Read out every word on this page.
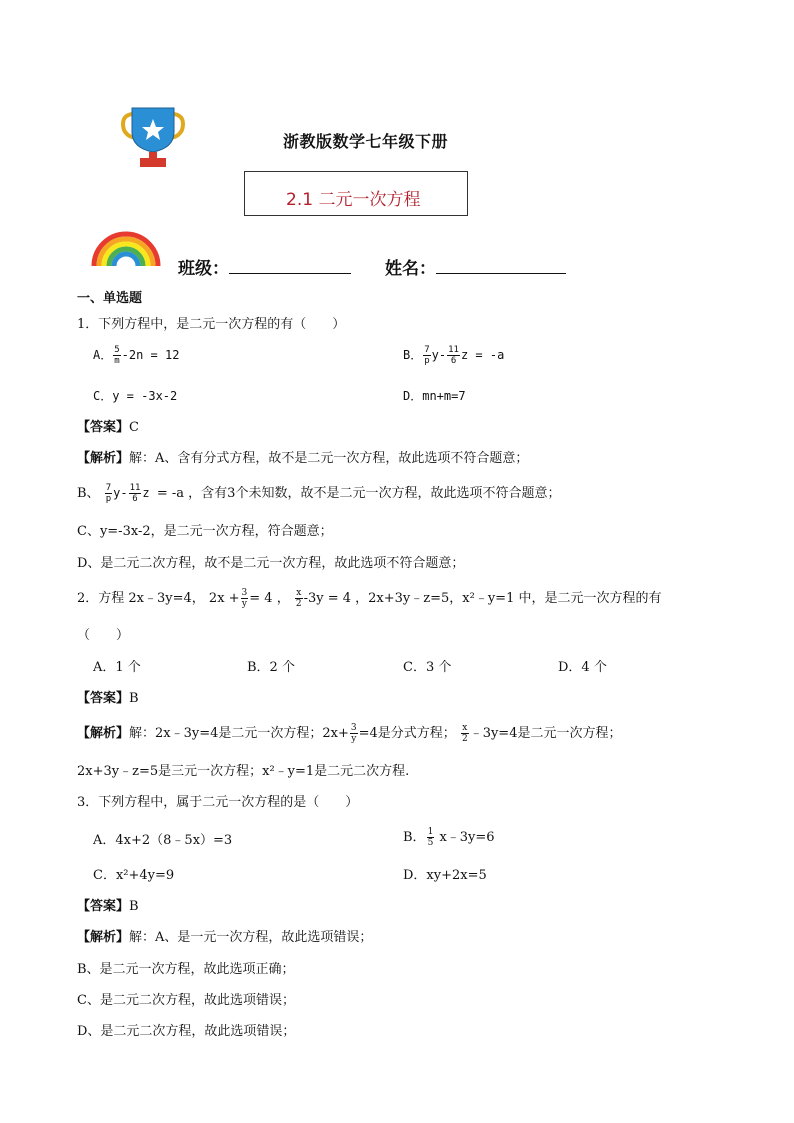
浙教版数学七年级下册
2.1 二元一次方程
班级：	姓名：
一、单选题
1．下列方程中，是二元一次方程的有（　　）
A． $\frac{5}{m} -2n = 12$	B． $\frac{7}{p} y- \frac{11}{6}$ z = -a
C．y = -3x-2	D．mn+m=7
【答案】C
【解析】解：A、含有分式方程，故不是二元一次方程，故此选项不符合题意；
B、 $\frac{7}{p} y- \frac{11}{6}$ z = -a ，含有3个未知数，故不是二元一次方程，故此选项不符合题意；
C、y=-3x-2，是二元一次方程，符合题意；
D、是二元二次方程，故不是二元一次方程，故此选项不符合题意；
2．方程 2x﹣3y=4， $2x + \frac{3}{y} = 4$ ， $\frac{x}{2} -3y = 4$ ，2x+3y﹣z=5，x²﹣y=1 中，是二元一次方程的有
（　　）
A．1 个	B．2 个	C．3 个	D．4 个
【答案】B
【解析】解：2x﹣3y=4是二元一次方程；$2x+ \frac{3}{y} =4$是分式方程； $\frac{x}{2}$ ﹣3y=4是二元一次方程；
2x+3y﹣z=5是三元一次方程；x²﹣y=1是二元二次方程.
3．下列方程中，属于二元一次方程的是（　　）
A．4x+2（8﹣5x）=3	B． $\frac{1}{5}$ x﹣3y=6
C．x²+4y=9	D．xy+2x=5
【答案】B
【解析】解：A、是一元一次方程，故此选项错误；
B、是二元一次方程，故此选项正确；
C、是二元二次方程，故此选项错误；
D、是二元二次方程，故此选项错误；
